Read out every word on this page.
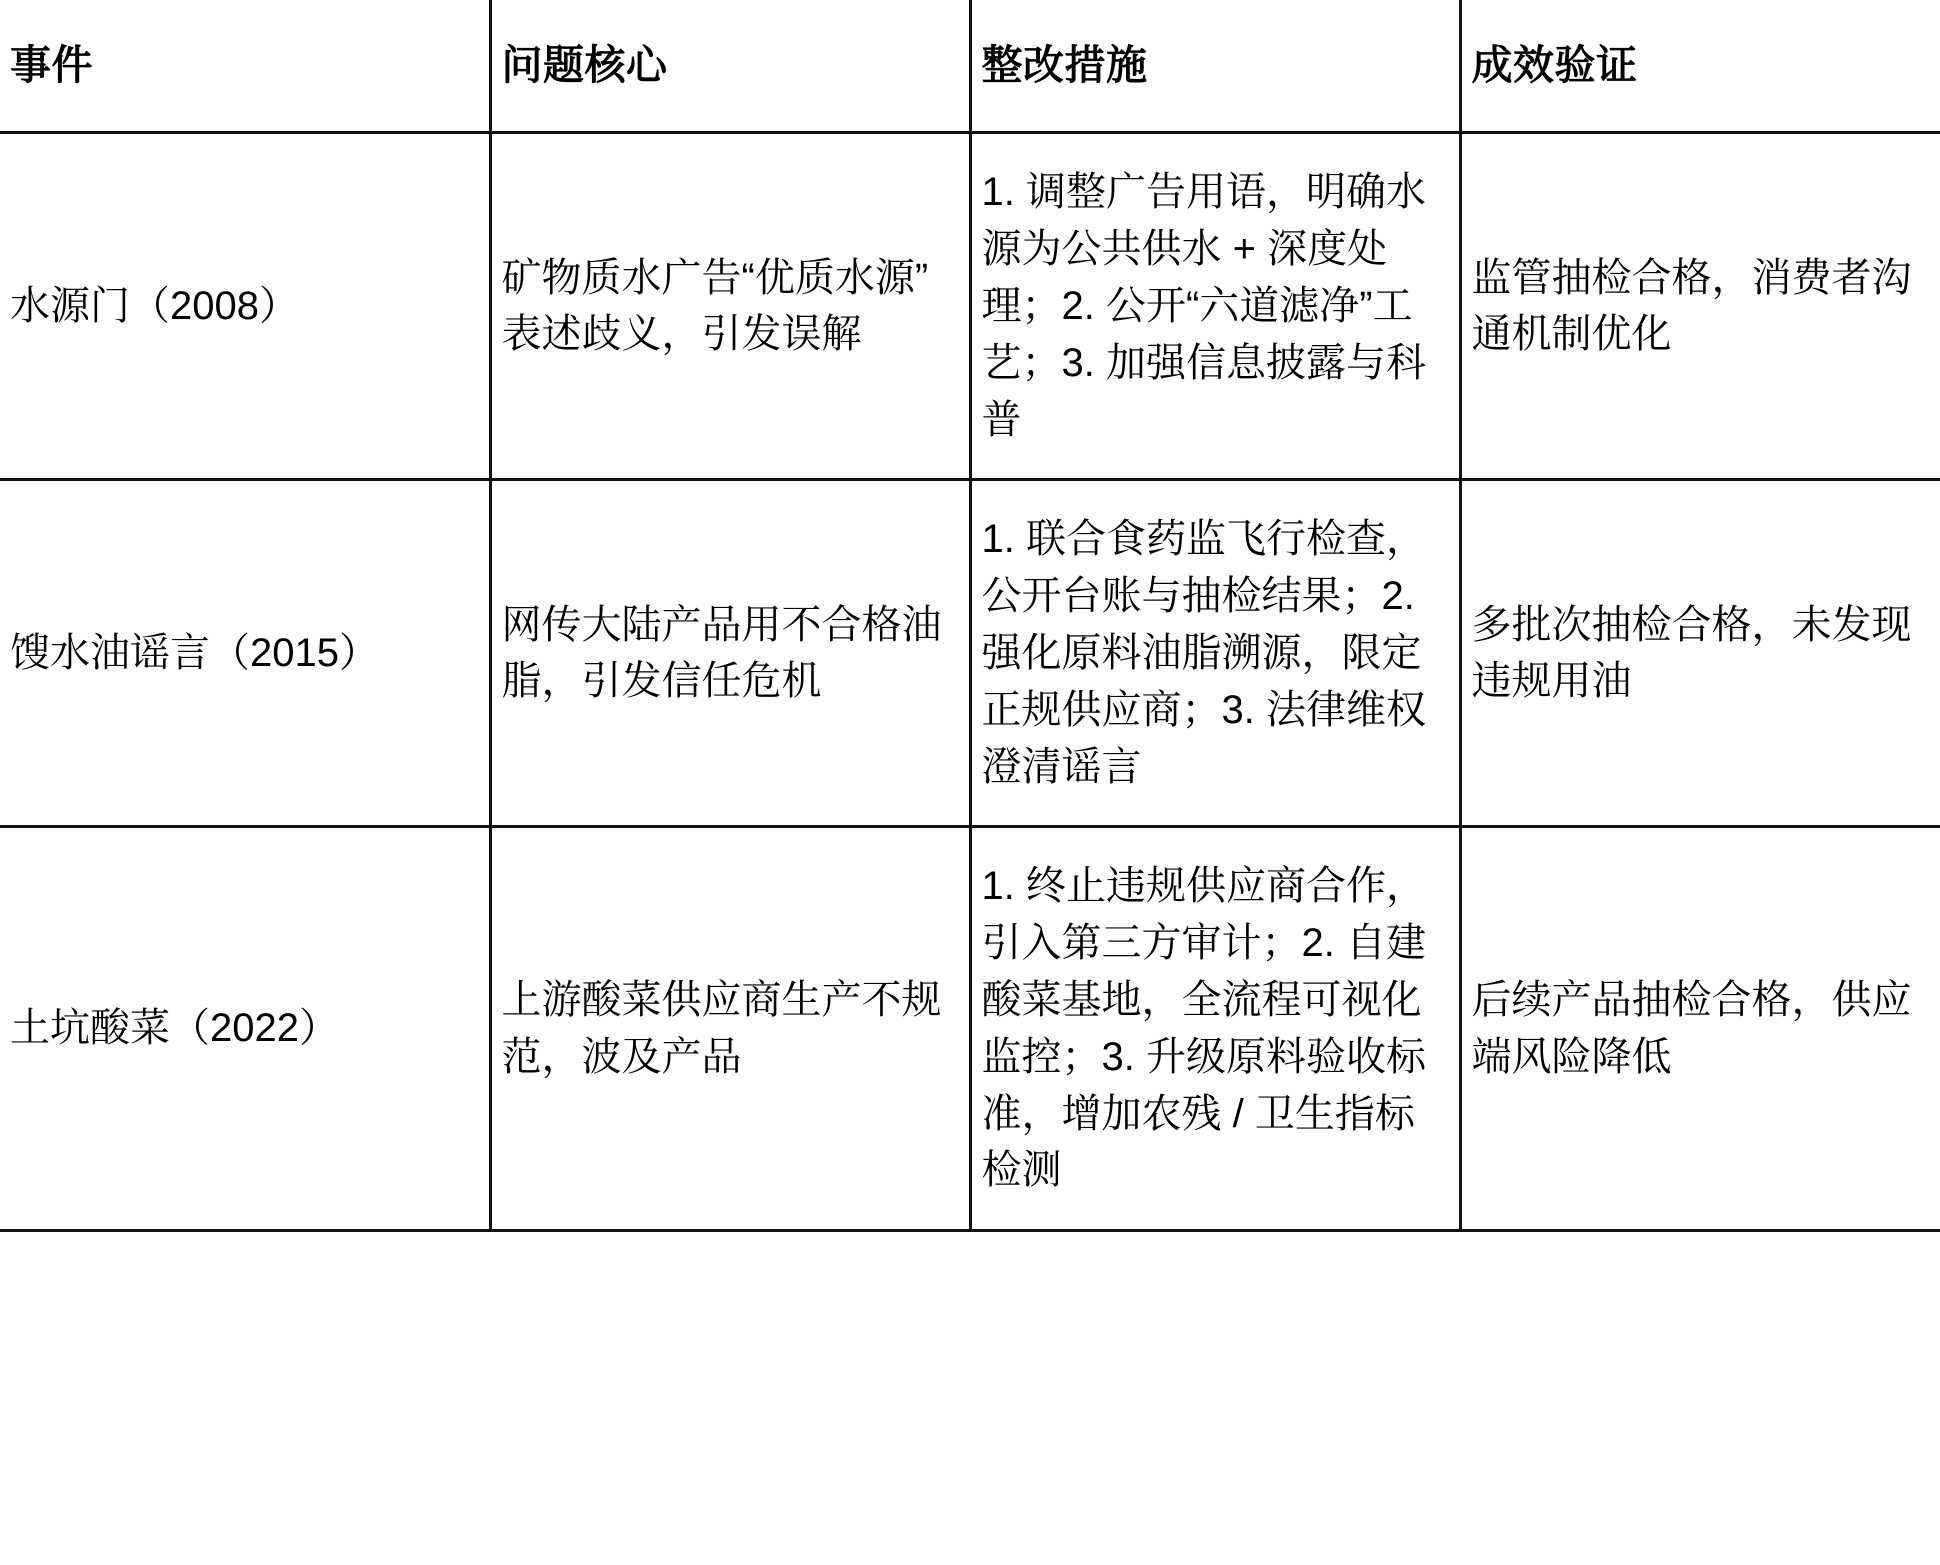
事件	问题核心	整改措施	成效验证

水源门（2008）	矿物质水广告“优质水源”表述歧义，引发误解	1. 调整广告用语，明确水源为公共供水 + 深度处理；2. 公开“六道滤净”工艺；3. 加强信息披露与科普	监管抽检合格，消费者沟通机制优化

馊水油谣言（2015）	网传大陆产品用不合格油脂，引发信任危机	1. 联合食药监飞行检查，公开台账与抽检结果；2. 强化原料油脂溯源，限定正规供应商；3. 法律维权澄清谣言	多批次抽检合格，未发现违规用油

土坑酸菜（2022）	上游酸菜供应商生产不规范，波及产品	1. 终止违规供应商合作，引入第三方审计；2. 自建酸菜基地，全流程可视化监控；3. 升级原料验收标准，增加农残 / 卫生指标检测	后续产品抽检合格，供应端风险降低
